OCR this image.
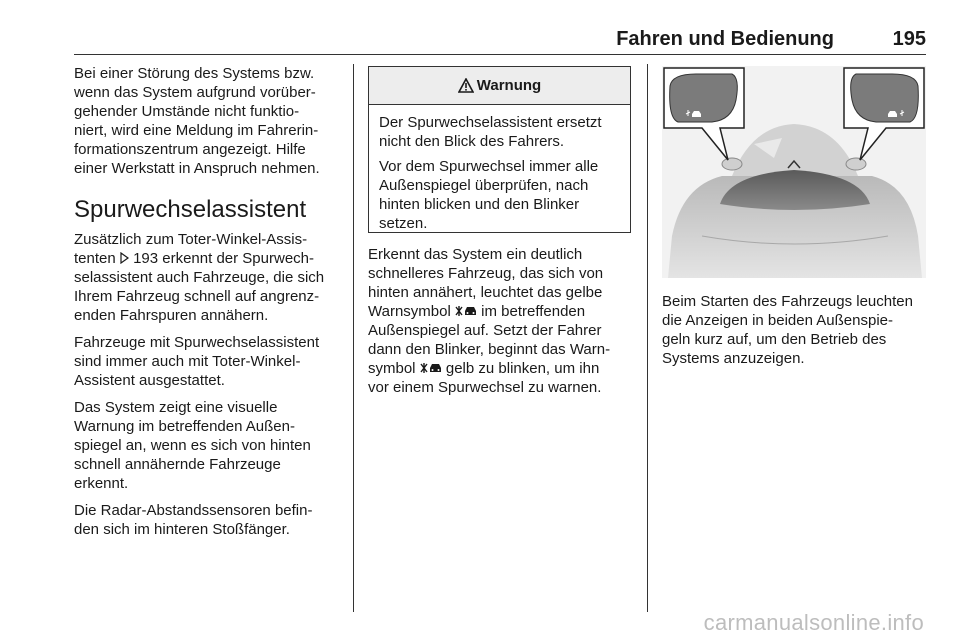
Fahren und Bedienung	195

Bei einer Störung des Systems bzw.
wenn das System aufgrund vorüber-
gehender Umstände nicht funktio-
niert, wird eine Meldung im Fahrerin-
formationszentrum angezeigt. Hilfe
einer Werkstatt in Anspruch nehmen.

Spurwechselassistent

Zusätzlich zum Toter-Winkel-Assis-
tenten 193 erkennt der Spurwech-
selassistent auch Fahrzeuge, die sich
Ihrem Fahrzeug schnell auf angrenz-
enden Fahrspuren annähern.

Fahrzeuge mit Spurwechselassistent
sind immer auch mit Toter-Winkel-
Assistent ausgestattet.

Das System zeigt eine visuelle
Warnung im betreffenden Außen-
spiegel an, wenn es sich von hinten
schnell annähernde Fahrzeuge
erkennt.

Die Radar-Abstandssensoren befin-
den sich im hinteren Stoßfänger.

Warnung

Der Spurwechselassistent ersetzt
nicht den Blick des Fahrers.

Vor dem Spurwechsel immer alle
Außenspiegel überprüfen, nach
hinten blicken und den Blinker
setzen.

Erkennt das System ein deutlich
schnelleres Fahrzeug, das sich von
hinten annähert, leuchtet das gelbe
Warnsymbol im betreffenden
Außenspiegel auf. Setzt der Fahrer
dann den Blinker, beginnt das Warn-
symbol gelb zu blinken, um ihn
vor einem Spurwechsel zu warnen.

Beim Starten des Fahrzeugs leuchten
die Anzeigen in beiden Außenspie-
geln kurz auf, um den Betrieb des
Systems anzuzeigen.

carmanualsonline.info
